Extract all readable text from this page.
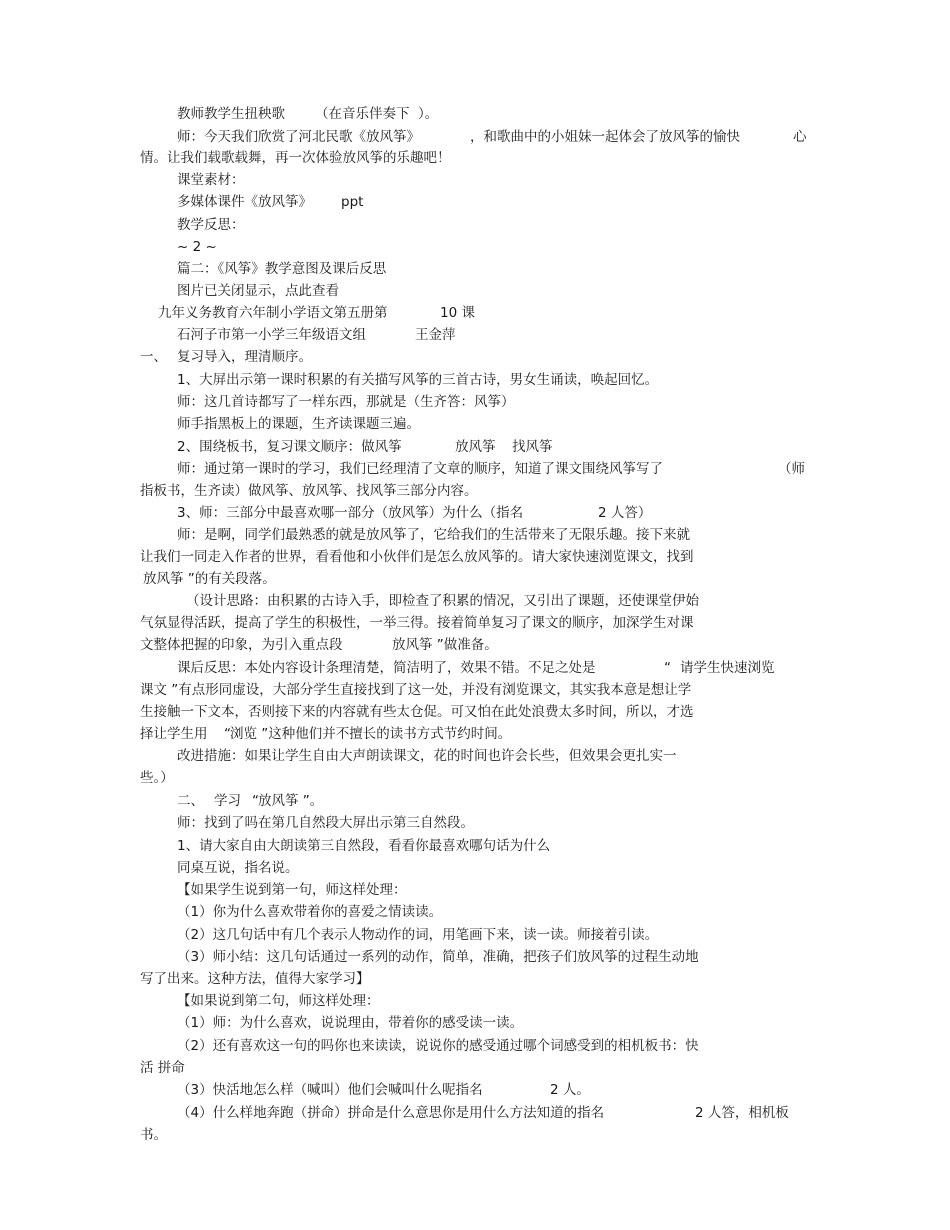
教师教学生扭秧歌 （在音乐伴奏下 ）。
师：今天我们欣赏了河北民歌《放风筝》	，和歌曲中的小姐妹一起体会了放风筝的愉快	心
情。让我们载歌载舞，再一次体验放风筝的乐趣吧！
课堂素材：
多媒体课件《放风筝》 ppt
教学反思：
~ 2 ~
篇二：《风筝》教学意图及课后反思
图片已关闭显示，点此查看
九年义务教育六年制小学语文第五册第	10 课
石河子市第一小学三年级语文组	王金萍
一、 复习导入，理清顺序。
1、大屏出示第一课时积累的有关描写风筝的三首古诗，男女生诵读，唤起回忆。
师：这几首诗都写了一样东西，那就是（生齐答：风筝）
师手指黑板上的课题，生齐读课题三遍。
2、围绕板书，复习课文顺序：做风筝	放风筝 找风筝
师：通过第一课时的学习，我们已经理清了文章的顺序，知道了课文围绕风筝写了	（师
指板书，生齐读）做风筝、放风筝、找风筝三部分内容。
3、师：三部分中最喜欢哪一部分（放风筝）为什么（指名	2 人答）
师：是啊，同学们最熟悉的就是放风筝了，它给我们的生活带来了无限乐趣。接下来就
让我们一同走入作者的世界，看看他和小伙伴们是怎么放风筝的。请大家快速浏览课文，找到
放风筝 ”的有关段落。
（设计思路：由积累的古诗入手，即检查了积累的情况，又引出了课题，还使课堂伊始
气氛显得活跃，提高了学生的积极性，一举三得。接着简单复习了课文的顺序，加深学生对课
文整体把握的印象，为引入重点段	放风筝 ”做准备。
课后反思：本处内容设计条理清楚，简洁明了，效果不错。不足之处是	“ 请学生快速浏览
课文 ”有点形同虚设，大部分学生直接找到了这一处，并没有浏览课文，其实我本意是想让学
生接触一下文本，否则接下来的内容就有些太仓促。可又怕在此处浪费太多时间，所以，才选
择让学生用 “ 浏览 ”这种他们并不擅长的读书方式节约时间。
改进措施：如果让学生自由大声朗读课文，花的时间也许会长些，但效果会更扎实一
些。）
二、 学习 “ 放风筝 ”。
师：找到了吗在第几自然段大屏出示第三自然段。
1、请大家自由大朗读第三自然段，看看你最喜欢哪句话为什么
同桌互说，指名说。
【如果学生说到第一句，师这样处理：
（1）你为什么喜欢带着你的喜爱之情读读。
（2）这几句话中有几个表示人物动作的词，用笔画下来，读一读。师接着引读。
（3）师小结：这几句话通过一系列的动作，简单，准确，把孩子们放风筝的过程生动地
写了出来。这种方法，值得大家学习】
【如果说到第二句，师这样处理：
（1）师：为什么喜欢，说说理由，带着你的感受读一读。
（2）还有喜欢这一句的吗你也来读读，说说你的感受通过哪个词感受到的相机板书：快
活 拼命
（3）快活地怎么样（喊叫）他们会喊叫什么呢指名	2 人。
（4）什么样地奔跑（拼命）拼命是什么意思你是用什么方法知道的指名	2 人答，相机板
书。
